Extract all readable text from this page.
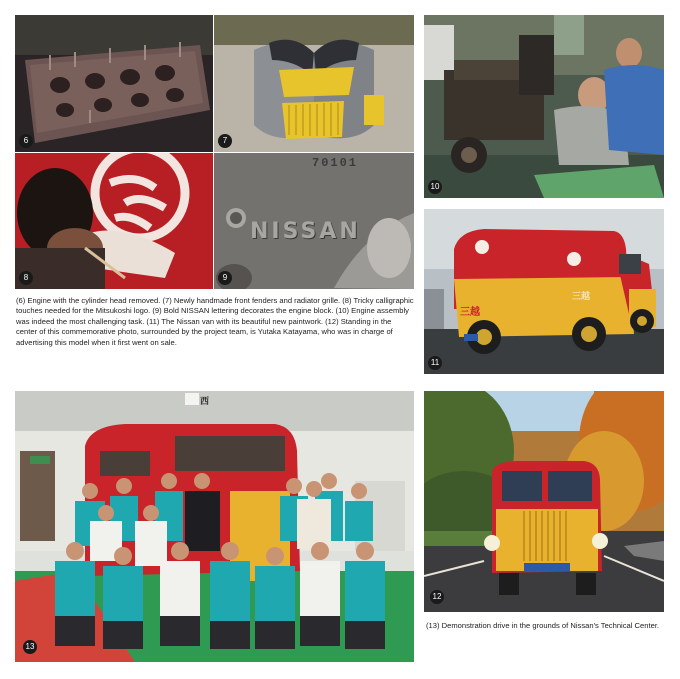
6	7
8
70101
NISSAN
9
10
三越
三越
11

(6) Engine with the cylinder head removed. (7) Newly handmade front fenders and radiator grille. (8) Tricky calligraphic touches needed for the Mitsukoshi logo. (9) Bold NISSAN lettering decorates the engine block. (10) Engine assembly was indeed the most challenging task. (11) The Nissan van with its beautiful new paintwork. (12) Standing in the center of this commemorative photo, surrounded by the project team, is Yutaka Katayama, who was in charge of advertising this model when it first went on sale.

西
13
12

(13) Demonstration drive in the grounds of Nissan's Technical Center.
